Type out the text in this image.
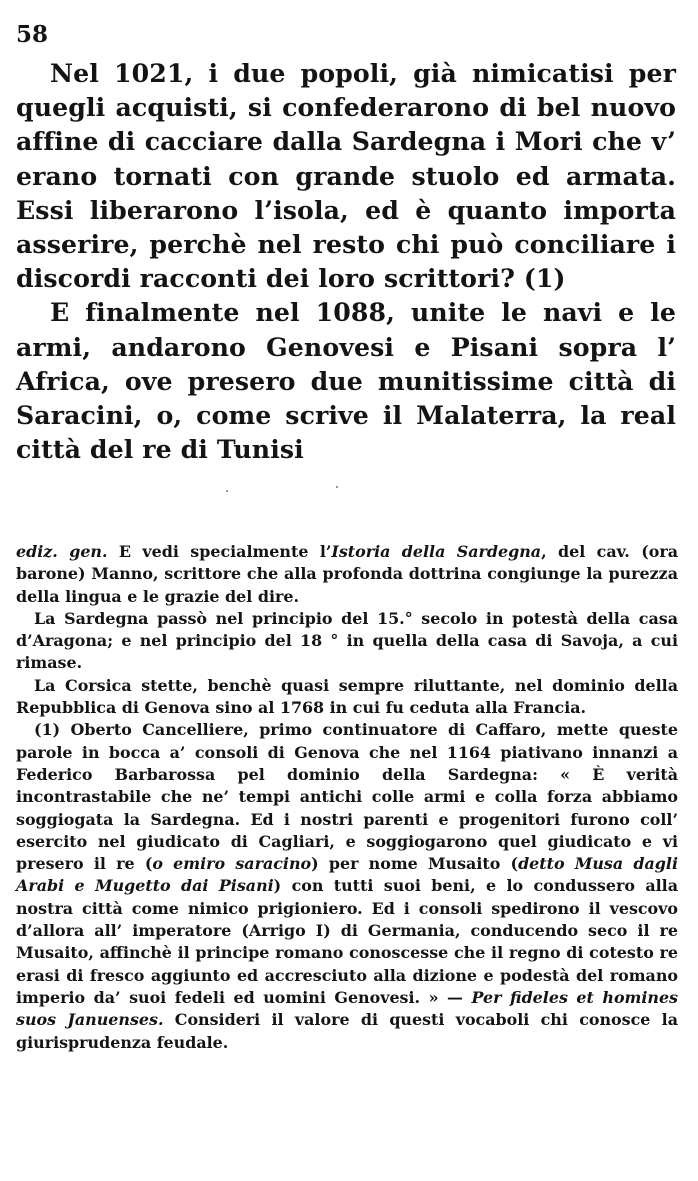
58

Nel 1021, i due popoli, già nimicatisi per quegli acquisti, si confederarono di bel nuovo affine di cacciare dalla Sardegna i Mori che v’ erano tornati con grande stuolo ed armata. Essi liberarono l’isola, ed è quanto importa asserire, perchè nel resto chi può conciliare i discordi racconti dei loro scrittori? (1)

E finalmente nel 1088, unite le navi e le armi, andarono Genovesi e Pisani sopra l’ Africa, ove presero due munitissime città di Saracini, o, come scrive il Malaterra, la real città del re di Tunisi

ediz. gen. E vedi specialmente l’Istoria della Sardegna, del cav. (ora barone) Manno, scrittore che alla profonda dottrina congiunge la purezza della lingua e le grazie del dire.

La Sardegna passò nel principio del 15.° secolo in potestà della casa d’Aragona; e nel principio del 18 ° in quella della casa di Savoja, a cui rimase.

La Corsica stette, benchè quasi sempre riluttante, nel dominio della Repubblica di Genova sino al 1768 in cui fu ceduta alla Francia.

(1) Oberto Cancelliere, primo continuatore di Caffaro, mette queste parole in bocca a’ consoli di Genova che nel 1164 piativano innanzi a Federico Barbarossa pel dominio della Sardegna: « È verità incontrastabile che ne’ tempi antichi colle armi e colla forza abbiamo soggiogata la Sardegna. Ed i nostri parenti e progenitori furono coll’ esercito nel giudicato di Cagliari, e soggiogarono quel giudicato e vi presero il re (o emiro saracino) per nome Musaito (detto Musa dagli Arabi e Mugetto dai Pisani) con tutti suoi beni, e lo condussero alla nostra città come nimico prigioniero. Ed i consoli spedirono il vescovo d’allora all’ imperatore (Arrigo I) di Germania, conducendo seco il re Musaito, affinchè il principe romano conoscesse che il regno di cotesto re erasi di fresco aggiunto ed accresciuto alla dizione e podestà del romano imperio da’ suoi fedeli ed uomini Genovesi. » — Per fideles et homines suos Januenses. Consideri il valore di questi vocaboli chi conosce la giurisprudenza feudale.
